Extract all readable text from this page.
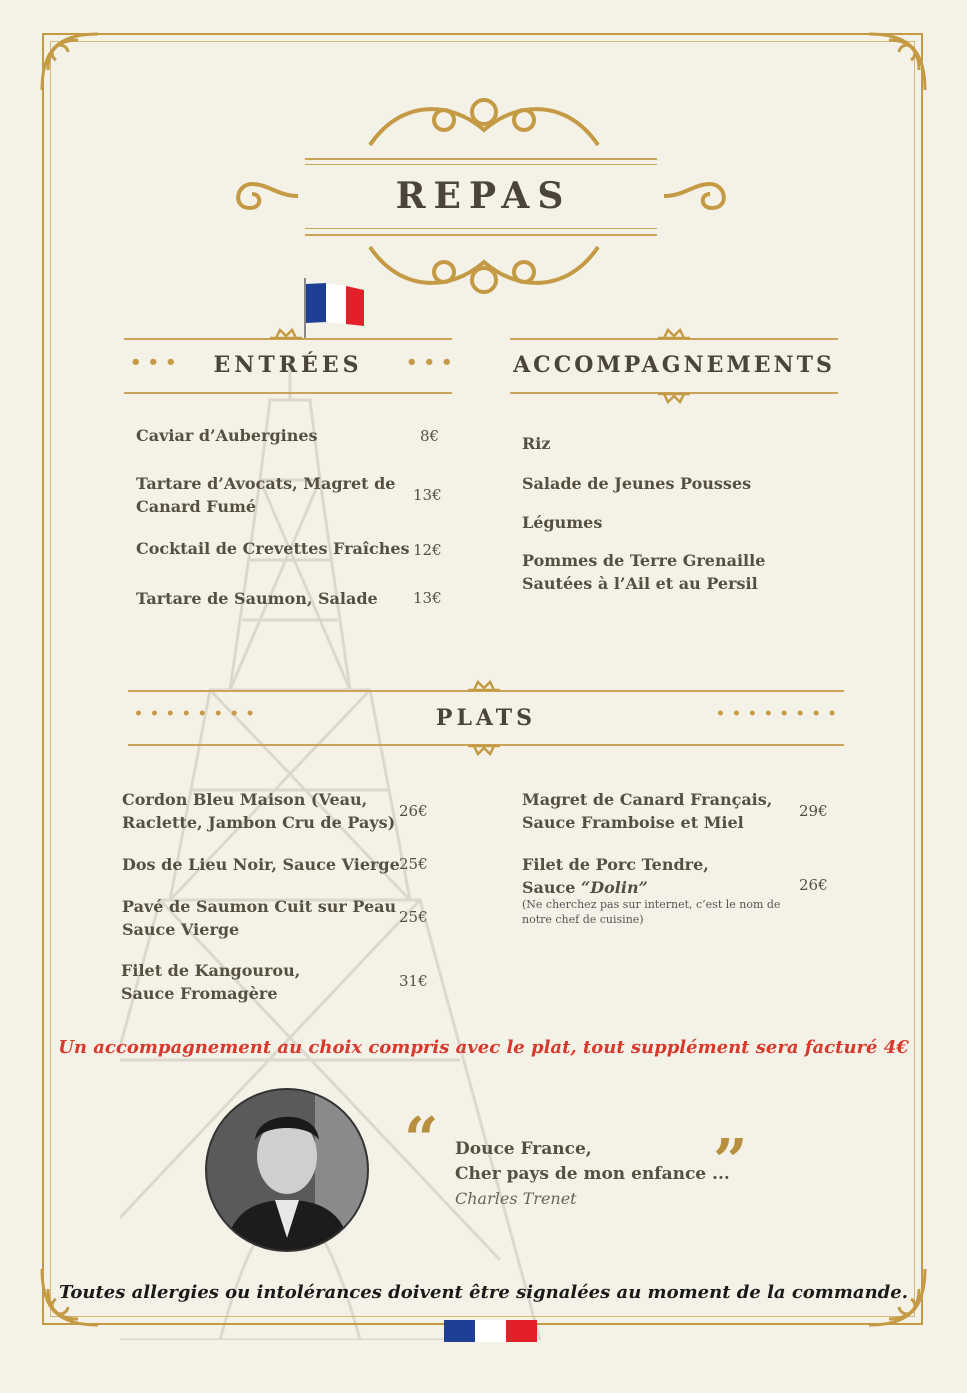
REPAS
•••	ENTRÉES	••• ACCOMPAGNEMENTS
Caviar d’Aubergines	8€
Tartare d’Avocats, Magret de
Canard Fumé
13€
Cocktail de Crevettes Fraîches 12€
Tartare de Saumon, Salade 13€
Riz
Salade de Jeunes Pousses
Légumes
Pommes de Terre Grenaille
Sautées à l’Ail et au Persil
••••••••	PLATS	••••••••
Cordon Bleu Maison (Veau,
Raclette, Jambon Cru de Pays)
26€
Dos de Lieu Noir, Sauce Vierge 25€
Pavé de Saumon Cuit sur Peau
Sauce Vierge
25€
Filet de Kangourou,
Sauce Fromagère
31€
Magret de Canard Français,
Sauce Framboise et Miel
29€
Filet de Porc Tendre,
Sauce “Dolin”
(Ne cherchez pas sur internet, c’est le nom de
notre chef de cuisine)
26€
Un accompagnement au choix compris avec le plat, tout supplément sera facturé 4€
“ Douce France,
Cher pays de mon enfance ...
Charles Trenet
”
Toutes allergies ou intolérances doivent être signalées au moment de la commande.
